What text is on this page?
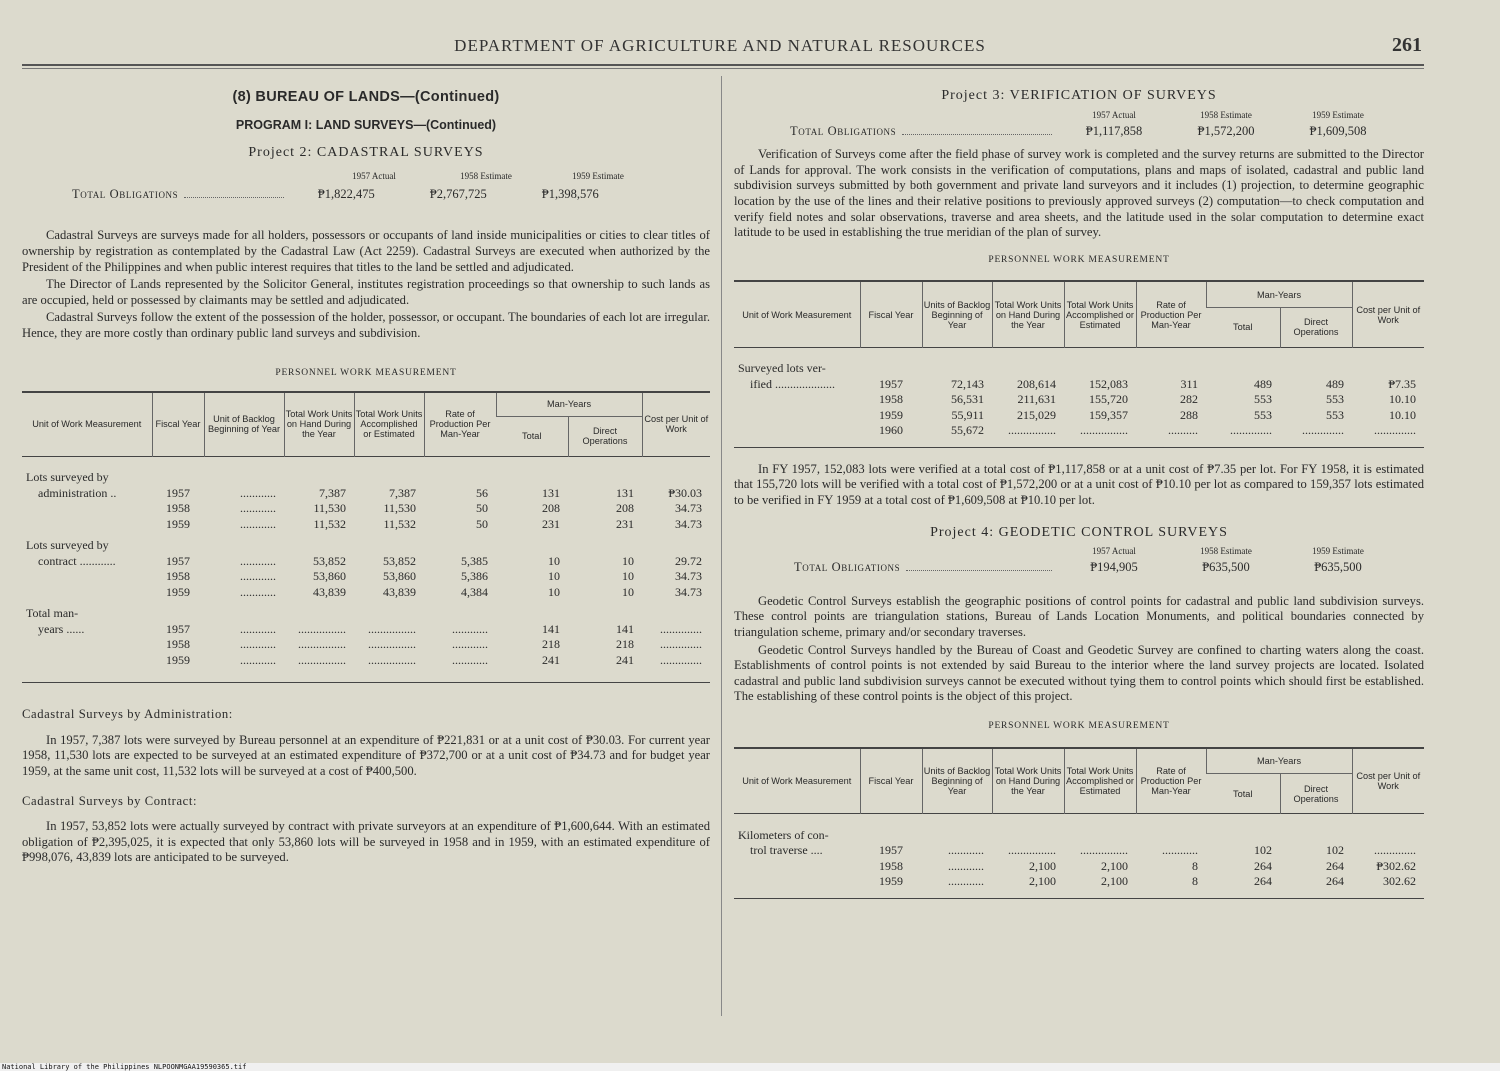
DEPARTMENT OF AGRICULTURE AND NATURAL RESOURCES	261
(8) BUREAU OF LANDS—(Continued)
PROGRAM I: LAND SURVEYS—(Continued)
Project 2: CADASTRAL SURVEYS
1957 Actual	1958 Estimate	1959 Estimate
Total Obligations	₱1,822,475	₱2,767,725	₱1,398,576

Cadastral Surveys are surveys made for all holders, possessors or occupants of land inside municipalities or cities to clear titles of ownership by registration as contemplated by the Cadastral Law (Act 2259). Cadastral Surveys are executed when authorized by the President of the Philippines and when public interest requires that titles to the land be settled and adjudicated.

The Director of Lands represented by the Solicitor General, institutes registration proceedings so that ownership to such lands as are occupied, held or possessed by claimants may be settled and adjudicated.

Cadastral Surveys follow the extent of the possession of the holder, possessor, or occupant. The boundaries of each lot are irregular. Hence, they are more costly than ordinary public land surveys and subdivision.

PERSONNEL WORK MEASUREMENT
Unit of Work Measurement	Fiscal Year	Unit of Backlog Beginning of Year	Total Work Units on Hand During the Year	Total Work Units Accomplished or Estimated	Rate of Production Per Man-Year	Man-Years		Cost per Unit of Work
						Total	Direct Operations	

Lots surveyed by								
administration ..	1957	............	7,387	7,387	56	131	131	₱30.03
	1958	............	11,530	11,530	50	208	208	34.73
	1959	............	11,532	11,532	50	231	231	34.73

Lots surveyed by								
contract ............	1957	............	53,852	53,852	5,385	10	10	29.72
	1958	............	53,860	53,860	5,386	10	10	34.73
	1959	............	43,839	43,839	4,384	10	10	34.73

Total man-								
years ......	1957	............	................	................	............	141	141	..............
	1958	............	................	................	............	218	218	..............
	1959	............	................	................	............	241	241	..............
Cadastral Surveys by Administration:

In 1957, 7,387 lots were surveyed by Bureau personnel at an expenditure of ₱221,831 or at a unit cost of ₱30.03. For current year 1958, 11,530 lots are expected to be surveyed at an estimated expenditure of ₱372,700 or at a unit cost of ₱34.73 and for budget year 1959, at the same unit cost, 11,532 lots will be surveyed at a cost of ₱400,500.

Cadastral Surveys by Contract:

In 1957, 53,852 lots were actually surveyed by contract with private surveyors at an expenditure of ₱1,600,644. With an estimated obligation of ₱2,395,025, it is expected that only 53,860 lots will be surveyed in 1958 and in 1959, with an estimated expenditure of ₱998,076, 43,839 lots are anticipated to be surveyed.

Project 3: VERIFICATION OF SURVEYS
1957 Actual	1958 Estimate	1959 Estimate
Total Obligations	₱1,117,858	₱1,572,200	₱1,609,508

Verification of Surveys come after the field phase of survey work is completed and the survey returns are submitted to the Director of Lands for approval. The work consists in the verification of computations, plans and maps of isolated, cadastral and public land subdivision surveys submitted by both government and private land surveyors and it includes (1) projection, to determine geographic location by the use of the lines and their relative positions to previously approved surveys (2) computation—to check computation and verify field notes and solar observations, traverse and area sheets, and the latitude used in the solar computation to determine exact latitude to be used in establishing the true meridian of the plan of survey.

PERSONNEL WORK MEASUREMENT
Unit of Work Measurement	Fiscal Year	Units of Backlog Beginning of Year	Total Work Units on Hand During the Year	Total Work Units Accomplished or Estimated	Rate of Production Per Man-Year	Man-Years		Cost per Unit of Work
						Total	Direct Operations	

Surveyed lots ver-								
ified ....................	1957	72,143	208,614	152,083	311	489	489	₱7.35
	1958	56,531	211,631	155,720	282	553	553	10.10
	1959	55,911	215,029	159,357	288	553	553	10.10
	1960	55,672	................	................	..........	..............	..............	..............

In FY 1957, 152,083 lots were verified at a total cost of ₱1,117,858 or at a unit cost of ₱7.35 per lot. For FY 1958, it is estimated that 155,720 lots will be verified with a total cost of ₱1,572,200 or at a unit cost of ₱10.10 per lot as compared to 159,357 lots estimated to be verified in FY 1959 at a total cost of ₱1,609,508 at ₱10.10 per lot.

Project 4: GEODETIC CONTROL SURVEYS
1957 Actual	1958 Estimate	1959 Estimate
Total Obligations	₱194,905	₱635,500	₱635,500

Geodetic Control Surveys establish the geographic positions of control points for cadastral and public land subdivision surveys. These control points are triangulation stations, Bureau of Lands Location Monuments, and political boundaries connected by triangulation scheme, primary and/or secondary traverses.

Geodetic Control Surveys handled by the Bureau of Coast and Geodetic Survey are confined to charting waters along the coast. Establishments of control points is not extended by said Bureau to the interior where the land survey projects are located. Isolated cadastral and public land subdivision surveys cannot be executed without tying them to control points which should first be established. The establishing of these control points is the object of this project.

PERSONNEL WORK MEASUREMENT
Unit of Work Measurement	Fiscal Year	Units of Backlog Beginning of Year	Total Work Units on Hand During the Year	Total Work Units Accomplished or Estimated	Rate of Production Per Man-Year	Man-Years		Cost per Unit of Work
						Total	Direct Operations	

Kilometers of con-								
trol traverse ....	1957	............	................	................	............	102	102	..............
	1958	............	2,100	2,100	8	264	264	₱302.62
	1959	............	2,100	2,100	8	264	264	302.62
National Library of the Philippines NLPOONMGAA19590365.tif
